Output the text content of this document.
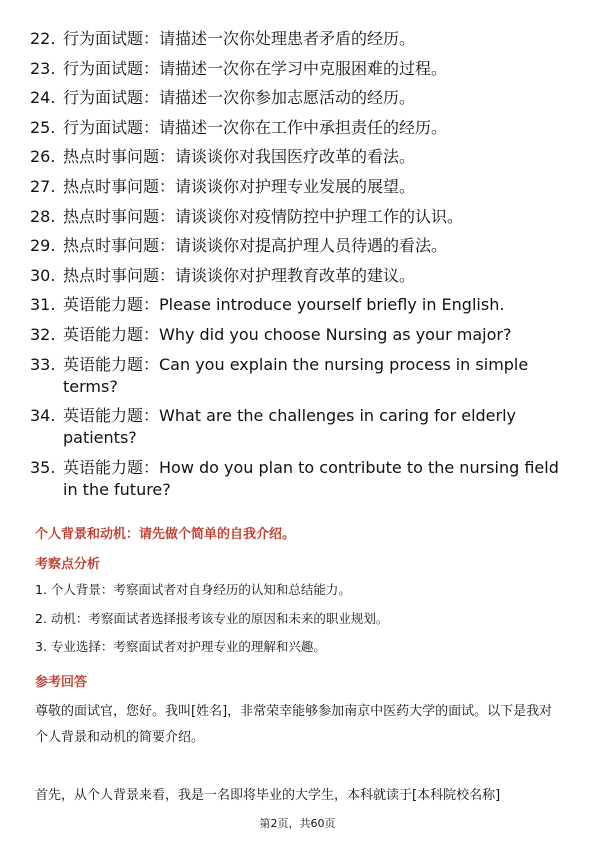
22. 行为面试题：请描述一次你处理患者矛盾的经历。
23. 行为面试题：请描述一次你在学习中克服困难的过程。
24. 行为面试题：请描述一次你参加志愿活动的经历。
25. 行为面试题：请描述一次你在工作中承担责任的经历。
26. 热点时事问题：请谈谈你对我国医疗改革的看法。
27. 热点时事问题：请谈谈你对护理专业发展的展望。
28. 热点时事问题：请谈谈你对疫情防控中护理工作的认识。
29. 热点时事问题：请谈谈你对提高护理人员待遇的看法。
30. 热点时事问题：请谈谈你对护理教育改革的建议。
31. 英语能力题：Please introduce yourself briefly in English.
32. 英语能力题：Why did you choose Nursing as your major?
33. 英语能力题：Can you explain the nursing process in simple terms?
34. 英语能力题：What are the challenges in caring for elderly patients?
35. 英语能力题：How do you plan to contribute to the nursing field in the future?
个人背景和动机：请先做个简单的自我介绍。
考察点分析
1. 个人背景：考察面试者对自身经历的认知和总结能力。
2. 动机：考察面试者选择报考该专业的原因和未来的职业规划。
3. 专业选择：考察面试者对护理专业的理解和兴趣。
参考回答
尊敬的面试官，您好。我叫[姓名]，非常荣幸能够参加南京中医药大学的面试。以下是我对个人背景和动机的简要介绍。
首先，从个人背景来看，我是一名即将毕业的大学生，本科就读于[本科院校名称]
第2页，共60页
